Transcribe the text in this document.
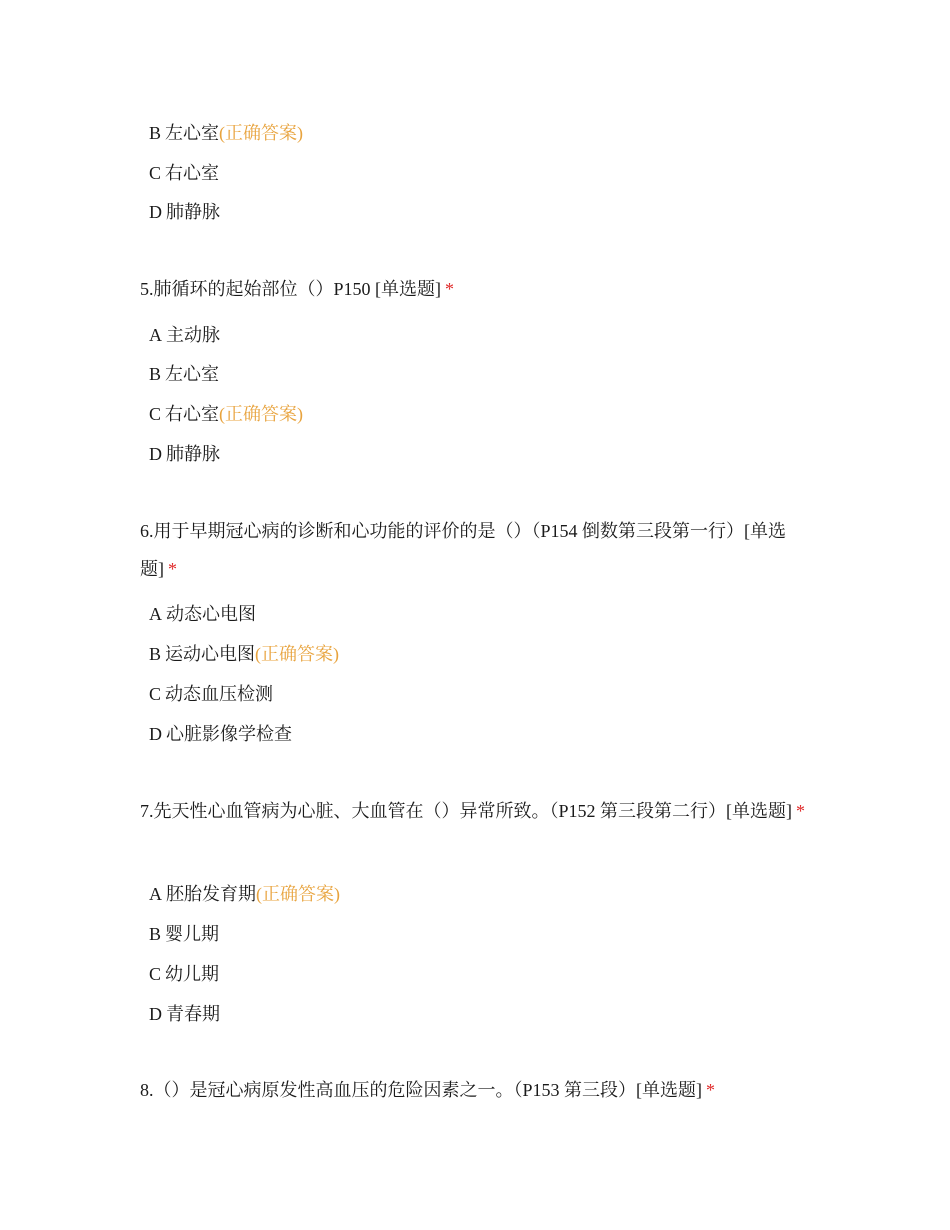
B 左心室(正确答案)
C 右心室
D 肺静脉
5.肺循环的起始部位（）P150 [单选题] *
A 主动脉
B 左心室
C 右心室(正确答案)
D 肺静脉
6.用于早期冠心病的诊断和心功能的评价的是（）（P154 倒数第三段第一行）[单选题] *
A 动态心电图
B 运动心电图(正确答案)
C 动态血压检测
D 心脏影像学检查
7.先天性心血管病为心脏、大血管在（）异常所致。（P152 第三段第二行）[单选题] *
A 胚胎发育期(正确答案)
B 婴儿期
C 幼儿期
D 青春期
8.（）是冠心病原发性高血压的危险因素之一。（P153 第三段）[单选题] *
